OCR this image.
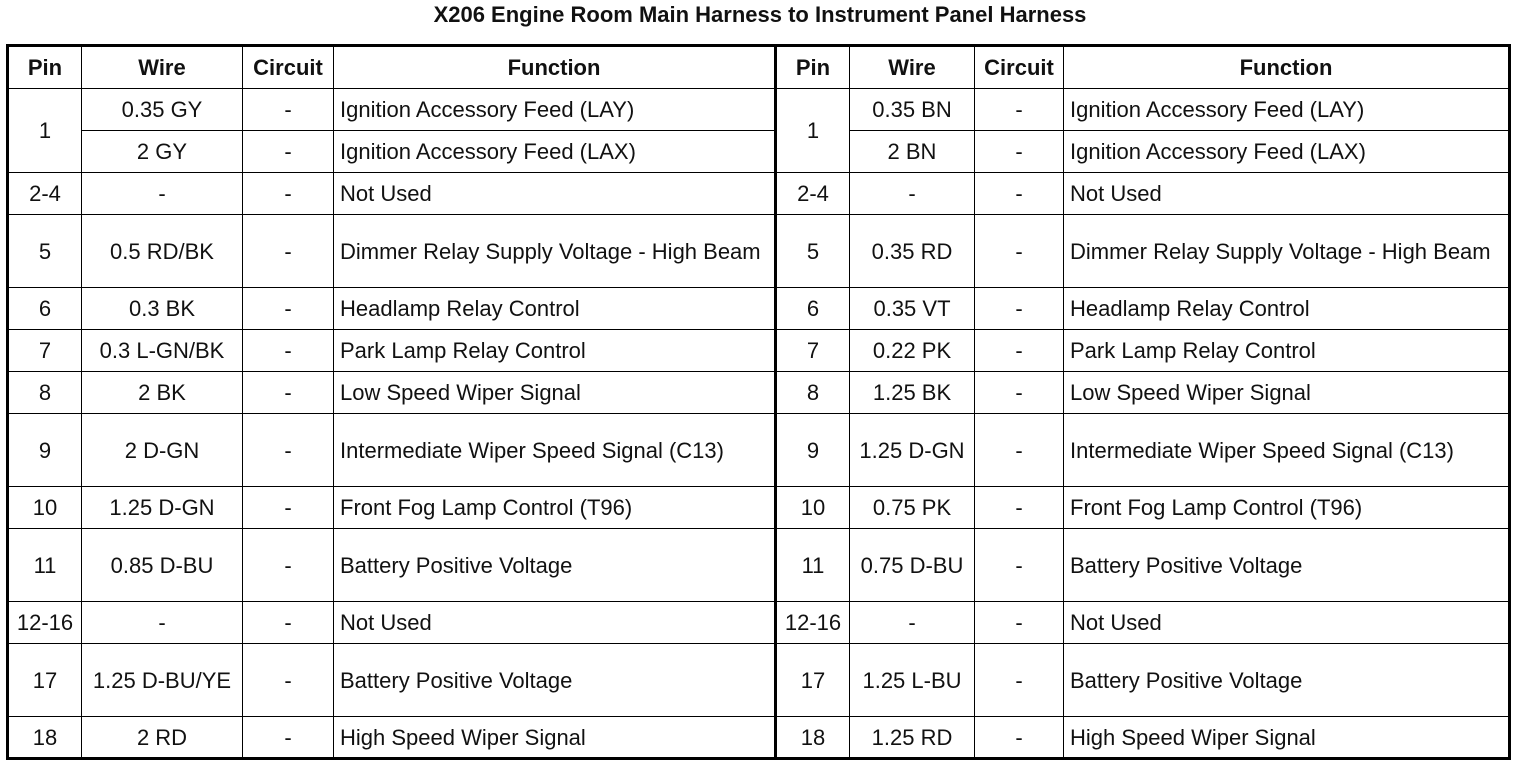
X206 Engine Room Main Harness to Instrument Panel Harness
Pin	Wire	Circuit	Function	Pin	Wire	Circuit	Function
1	0.35 GY	-	Ignition Accessory Feed (LAY)	1	0.35 BN	-	Ignition Accessory Feed (LAY)
	2 GY	-	Ignition Accessory Feed (LAX)		2 BN	-	Ignition Accessory Feed (LAX)
2-4	-	-	Not Used	2-4	-	-	Not Used
5	0.5 RD/BK	-	Dimmer Relay Supply Voltage - High Beam	5	0.35 RD	-	Dimmer Relay Supply Voltage - High Beam
6	0.3 BK	-	Headlamp Relay Control	6	0.35 VT	-	Headlamp Relay Control
7	0.3 L-GN/BK	-	Park Lamp Relay Control	7	0.22 PK	-	Park Lamp Relay Control
8	2 BK	-	Low Speed Wiper Signal	8	1.25 BK	-	Low Speed Wiper Signal
9	2 D-GN	-	Intermediate Wiper Speed Signal (C13)	9	1.25 D-GN	-	Intermediate Wiper Speed Signal (C13)
10	1.25 D-GN	-	Front Fog Lamp Control (T96)	10	0.75 PK	-	Front Fog Lamp Control (T96)
11	0.85 D-BU	-	Battery Positive Voltage	11	0.75 D-BU	-	Battery Positive Voltage
12-16	-	-	Not Used	12-16	-	-	Not Used
17	1.25 D-BU/YE	-	Battery Positive Voltage	17	1.25 L-BU	-	Battery Positive Voltage
18	2 RD	-	High Speed Wiper Signal	18	1.25 RD	-	High Speed Wiper Signal
